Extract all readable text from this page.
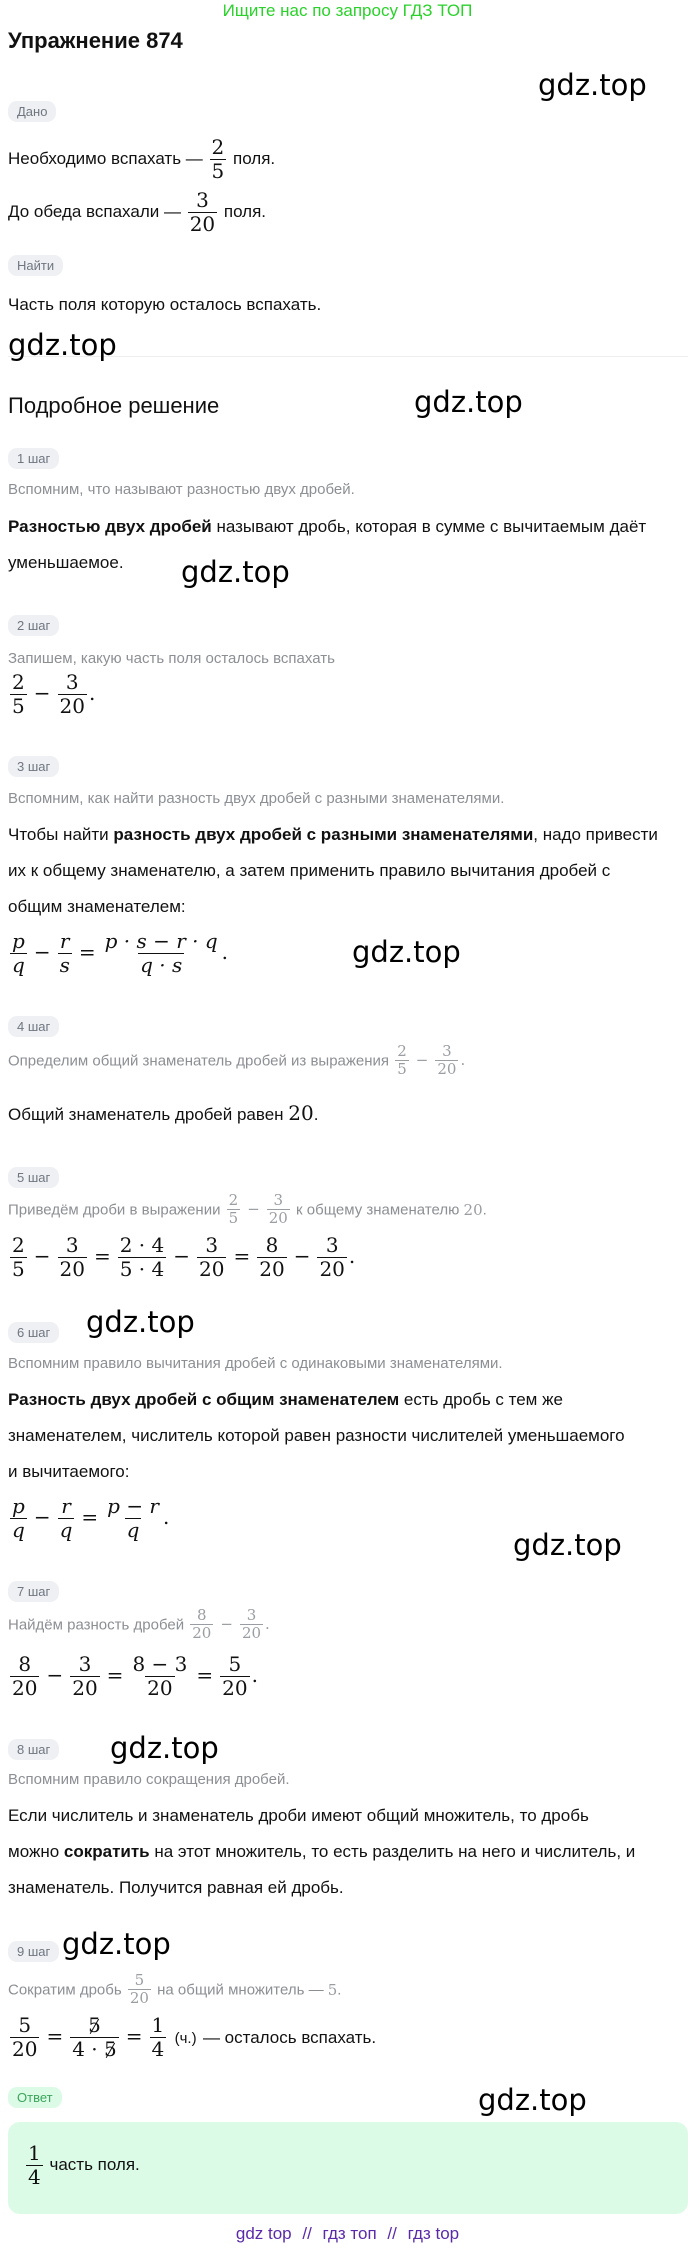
Ищите нас по запросу ГДЗ ТОП
Упражнение 874
Дано
Необходимо вспахать — $\frac{2}{5}$ поля.
До обеда вспахали — $\frac{3}{20}$ поля.
Найти
Часть поля которую осталось вспахать.
Подробное решение
1 шаг
Вспомним, что называют разностью двух дробей.
Разностью двух дробей называют дробь, которая в сумме с вычитаемым даёт
уменьшаемое.
2 шаг
Запишем, какую часть поля осталось вспахать
$\frac{2}{5} - \frac{3}{20}$ .
3 шаг
Вспомним, как найти разность двух дробей с разными знаменателями.
Чтобы найти разность двух дробей с разными знаменателями, надо привести
их к общему знаменателю, а затем применить правило вычитания дробей с
общим знаменателем:
$\frac{p}{q} - \frac{r}{s} = \frac{p \cdot s - r \cdot q}{q \cdot s}$ .
4 шаг
Определим общий знаменатель дробей из выражения $\frac{2}{5} - \frac{3}{20}$ .
Общий знаменатель дробей равен 20.
5 шаг
Приведём дроби в выражении $\frac{2}{5} - \frac{3}{20}$ к общему знаменателю 20.
$\frac{2}{5} - \frac{3}{20} = \frac{2 \cdot 4}{5 \cdot 4} - \frac{3}{20} = \frac{8}{20} - \frac{3}{20}$ .
6 шаг
Вспомним правило вычитания дробей с одинаковыми знаменателями.
Разность двух дробей с общим знаменателем есть дробь с тем же
знаменателем, числитель которой равен разности числителей уменьшаемого
и вычитаемого:
$\frac{p}{q} - \frac{r}{q} = \frac{p - r}{q}$ .
7 шаг
Найдём разность дробей $\frac{8}{20} - \frac{3}{20}$ .
$\frac{8}{20} - \frac{3}{20} = \frac{8 - 3}{20} = \frac{5}{20}$ .
8 шаг
Вспомним правило сокращения дробей.
Если числитель и знаменатель дроби имеют общий множитель, то дробь
можно сократить на этот множитель, то есть разделить на него и числитель, и
знаменатель. Получится равная ей дробь.
9 шаг
Сократим дробь $\frac{5}{20}$ на общий множитель — 5.
$\frac{5}{20} = \frac{5}{4 \cdot 5} = \frac{1}{4} (ч.)$ — осталось вспахать.
Ответ
$\frac{1}{4}$ часть поля.
gdz.top
gdz.top
gdz.top
gdz.top
gdz.top
gdz.top
gdz.top
gdz.top
gdz.top
gdz.top
gdz top // гдз топ // гдз top
